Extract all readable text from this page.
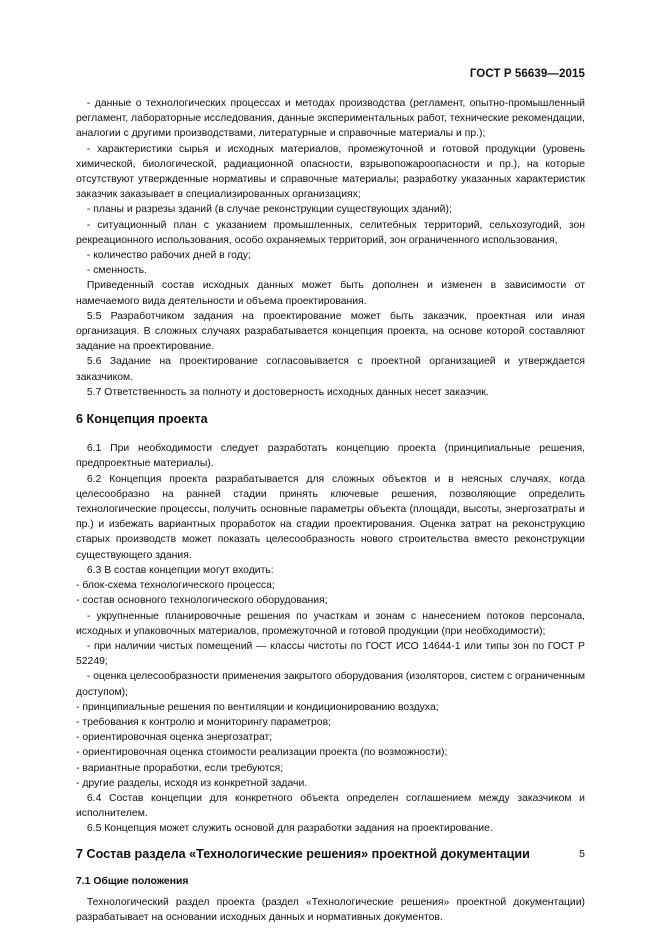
ГОСТ Р 56639—2015

- данные о технологических процессах и методах производства (регламент, опытно-промышленный регламент, лабораторные исследования, данные экспериментальных работ, технические рекомендации, аналогии с другими производствами, литературные и справочные материалы и пр.);

- характеристики сырья и исходных материалов, промежуточной и готовой продукции (уровень химической, биологической, радиационной опасности, взрывопожароопасности и пр.), на которые отсутствуют утвержденные нормативы и справочные материалы; разработку указанных характеристик заказчик заказывает в специализированных организациях;

- планы и разрезы зданий (в случае реконструкции существующих зданий);

- ситуационный план с указанием промышленных, селитебных территорий, сельхозугодий, зон рекреационного использования, особо охраняемых территорий, зон ограниченного использования,

- количество рабочих дней в году;

- сменность.

Приведенный состав исходных данных может быть дополнен и изменен в зависимости от намечаемого вида деятельности и объема проектирования.

5.5 Разработчиком задания на проектирование может быть заказчик, проектная или иная организация. В сложных случаях разрабатывается концепция проекта, на основе которой составляют задание на проектирование.

5.6 Задание на проектирование согласовывается с проектной организацией и утверждается заказчиком.

5.7 Ответственность за полноту и достоверность исходных данных несет заказчик.

6 Концепция проекта

6.1 При необходимости следует разработать концепцию проекта (принципиальные решения, предпроектные материалы).

6.2 Концепция проекта разрабатывается для сложных объектов и в неясных случаях, когда целесообразно на ранней стадии принять ключевые решения, позволяющие определить технологические процессы, получить основные параметры объекта (площади, высоты, энергозатраты и пр.) и избежать вариантных проработок на стадии проектирования. Оценка затрат на реконструкцию старых производств может показать целесообразность нового строительства вместо реконструкции существующего здания.

6.3 В состав концепции могут входить:

- блок-схема технологического процесса;

- состав основного технологического оборудования;

- укрупненные планировочные решения по участкам и зонам с нанесением потоков персонала, исходных и упаковочных материалов, промежуточной и готовой продукции (при необходимости);

- при наличии чистых помещений — классы чистоты по ГОСТ ИСО 14644-1 или типы зон по ГОСТ Р 52249;

- оценка целесообразности применения закрытого оборудования (изоляторов, систем с ограниченным доступом);

- принципиальные решения по вентиляции и кондиционированию воздуха;

- требования к контролю и мониторингу параметров;

- ориентировочная оценка энергозатрат;

- ориентировочная оценка стоимости реализации проекта (по возможности);

- вариантные проработки, если требуются;

- другие разделы, исходя из конкретной задачи.

6.4 Состав концепции для конкретного объекта определен соглашением между заказчиком и исполнителем.

6.5 Концепция может служить основой для разработки задания на проектирование.

7 Состав раздела «Технологические решения» проектной документации

7.1 Общие положения

Технологический раздел проекта (раздел «Технологические решения» проектной документации) разрабатывает на основании исходных данных и нормативных документов.

5
